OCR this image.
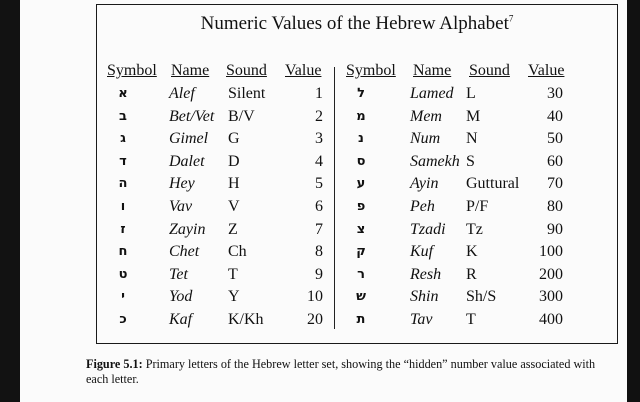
Numeric Values of the Hebrew Alphabet$^7$
Symbol Name Sound Value Symbol Name Sound Value
א	Alef Silent	1
ב	Bet/Vet B/V	2
ג	Gimel G	3
ד	Dalet D	4
ה	Hey H	5
ו	Vav V	6
ז	Zayin Z	7
ח	Chet Ch	8
ט	Tet	T	9
י	Yod Y	10
כ	Kaf K/Kh	20
ל	Lamed L	30
מ	Mem M	40
נ	Num N	50
ס	Samekh S	60
ע	Ayin Guttural 70
פ	Peh P/F	80
צ	Tzadi Tz	90
ק	Kuf K	100
ר	Resh R	200
ש	Shin Sh/S	300
ת	Tav T	400
Figure 5.1: Primary letters of the Hebrew letter set, showing the “hidden” number value associated with each letter.
